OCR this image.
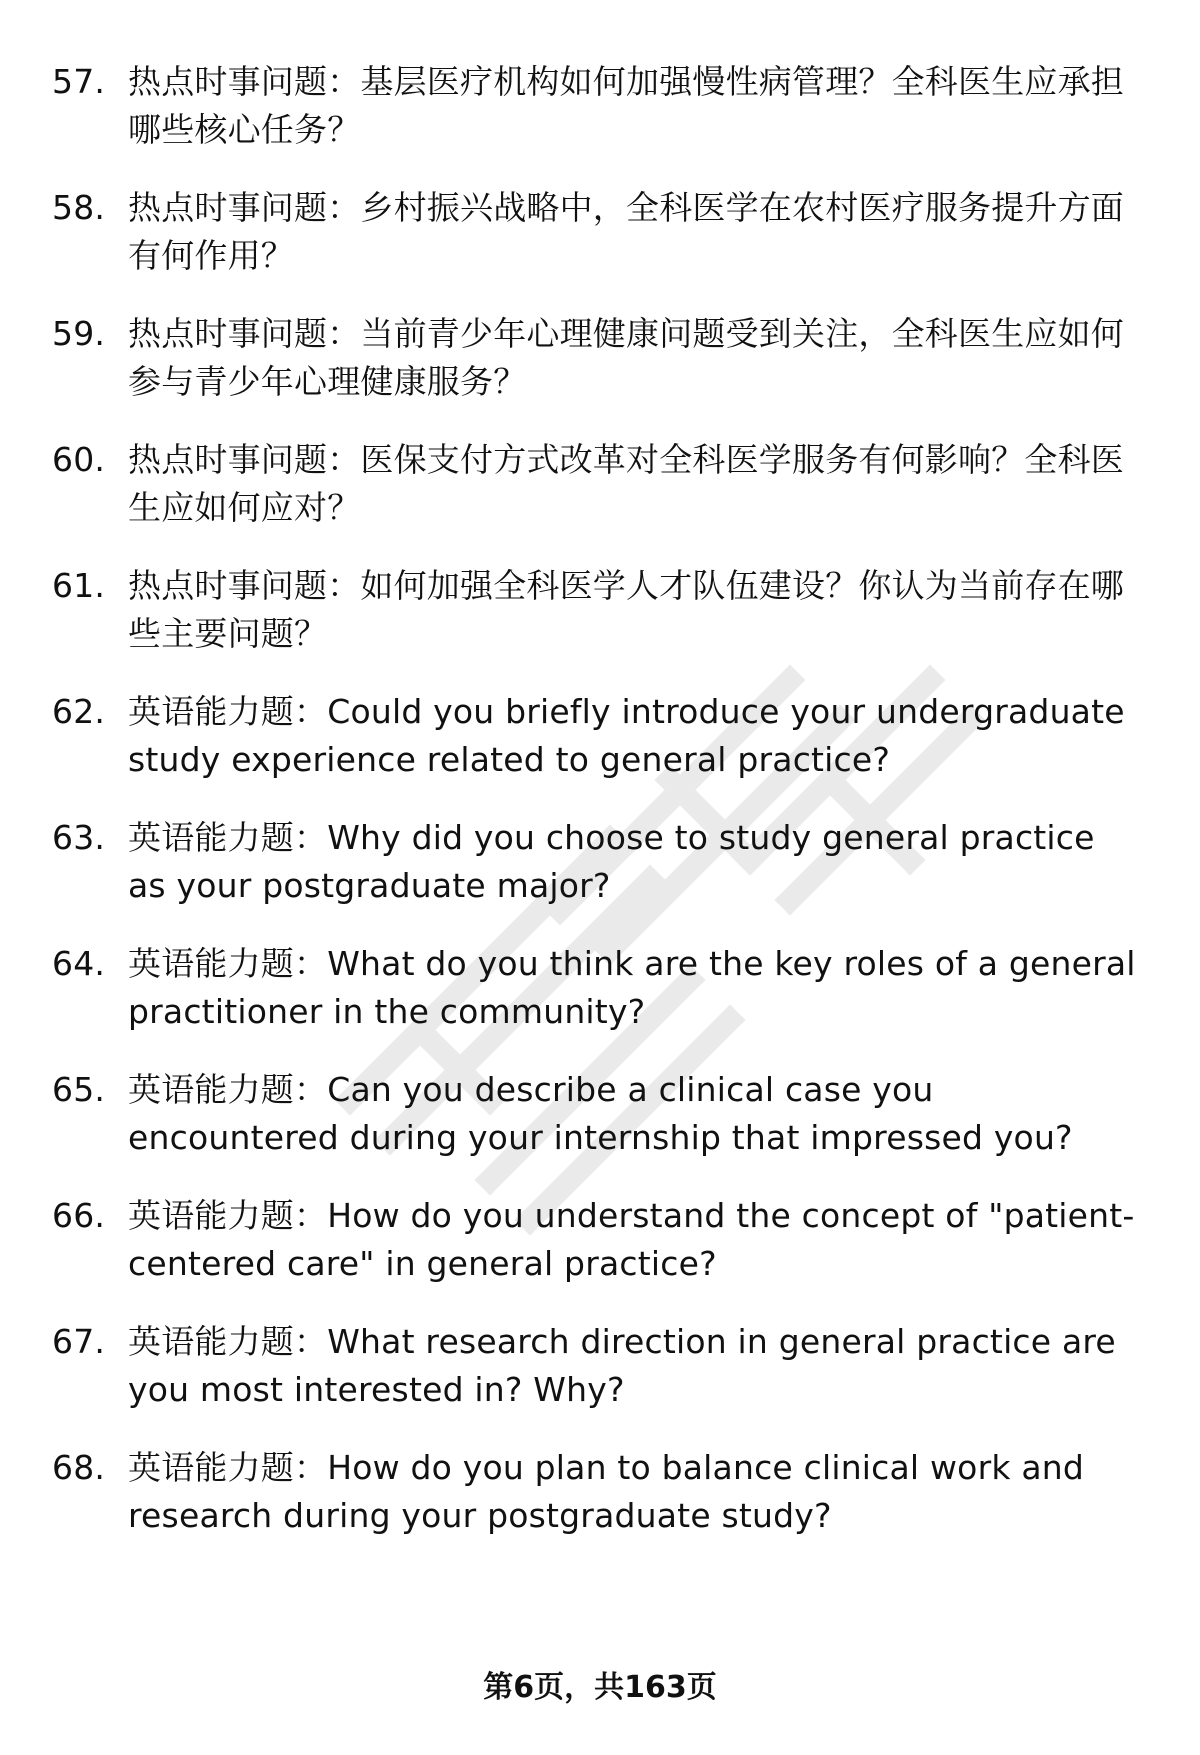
57. 热点时事问题：基层医疗机构如何加强慢性病管理？全科医生应承担哪些核心任务？
58. 热点时事问题：乡村振兴战略中，全科医学在农村医疗服务提升方面有何作用？
59. 热点时事问题：当前青少年心理健康问题受到关注，全科医生应如何参与青少年心理健康服务？
60. 热点时事问题：医保支付方式改革对全科医学服务有何影响？全科医生应如何应对？
61. 热点时事问题：如何加强全科医学人才队伍建设？你认为当前存在哪些主要问题？
62. 英语能力题：Could you briefly introduce your undergraduate study experience related to general practice?
63. 英语能力题：Why did you choose to study general practice as your postgraduate major?
64. 英语能力题：What do you think are the key roles of a general practitioner in the community?
65. 英语能力题：Can you describe a clinical case you encountered during your internship that impressed you?
66. 英语能力题：How do you understand the concept of "patient-centered care" in general practice?
67. 英语能力题：What research direction in general practice are you most interested in? Why?
68. 英语能力题：How do you plan to balance clinical work and research during your postgraduate study?
第6页，共163页
